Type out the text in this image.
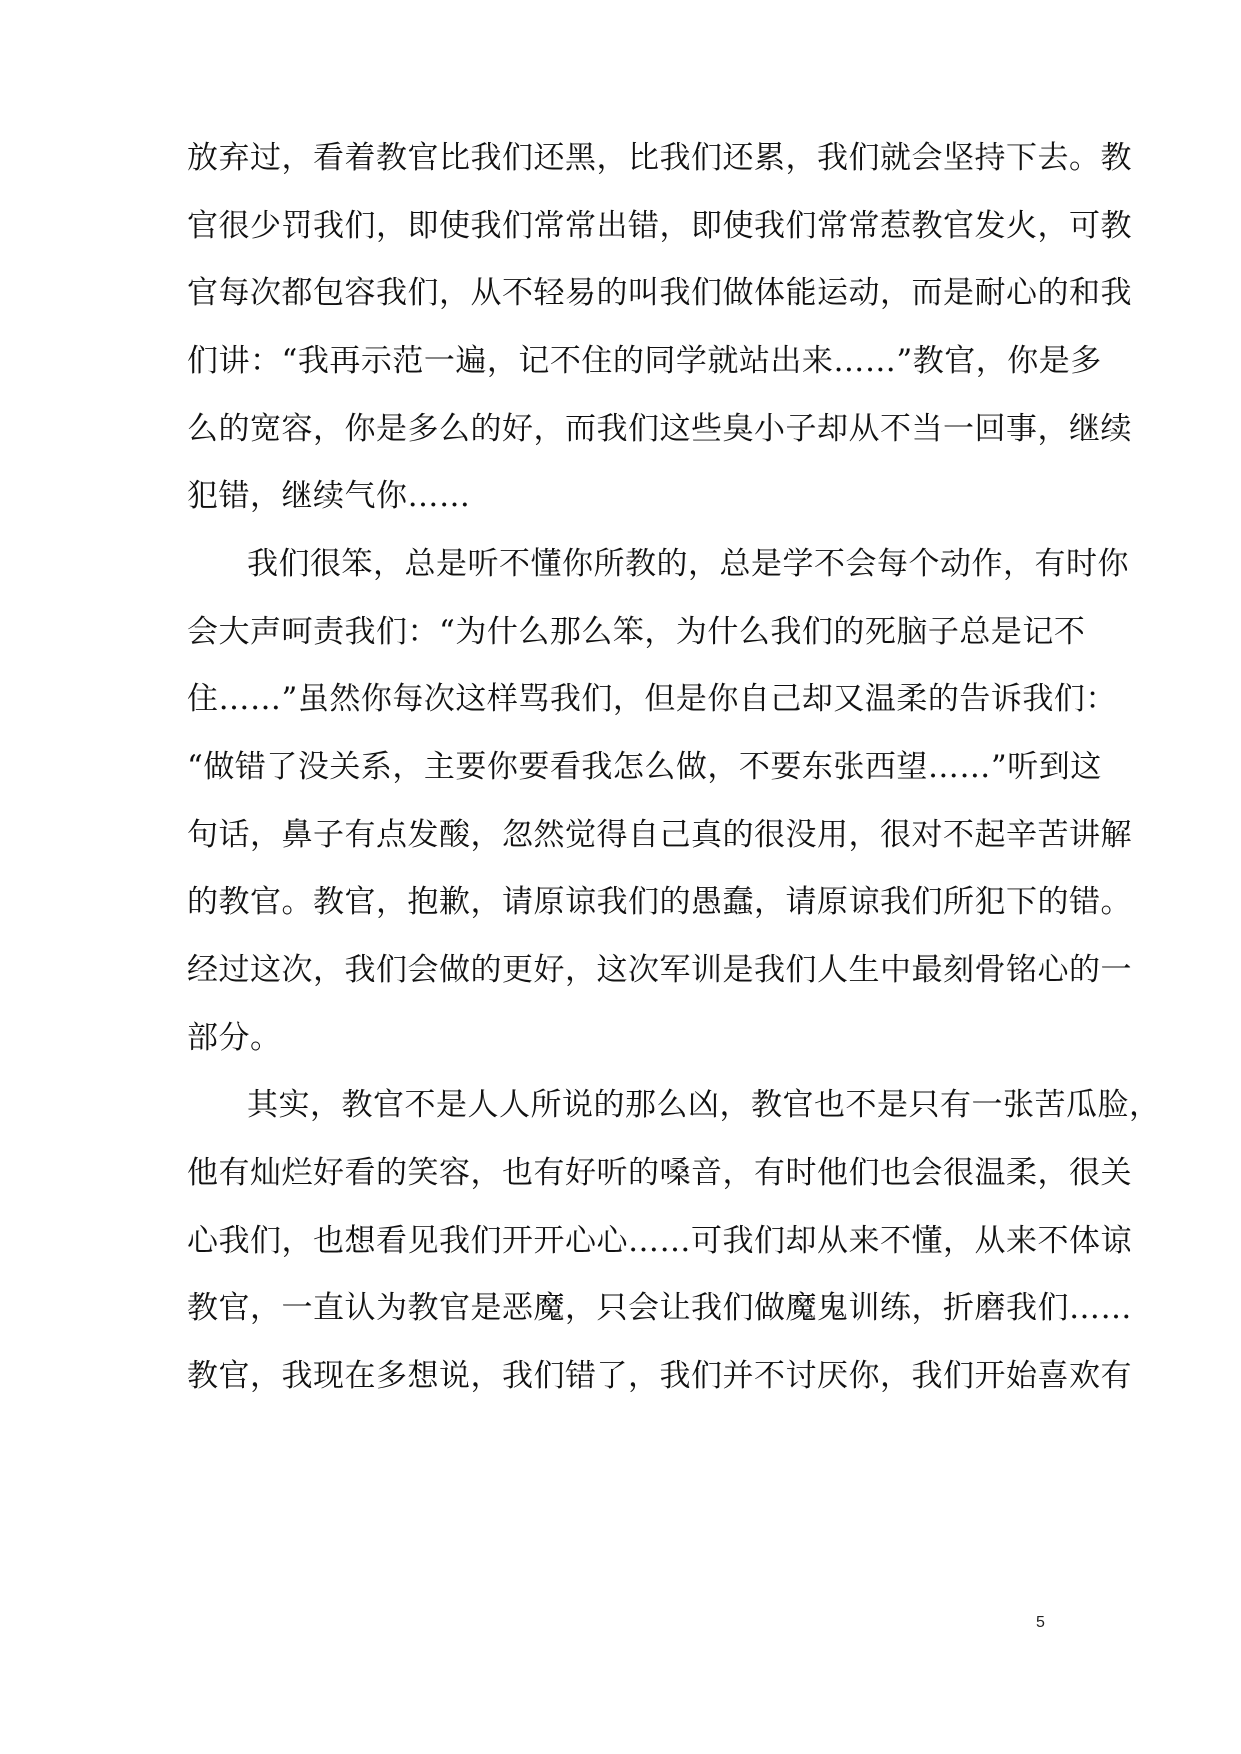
放弃过，看着教官比我们还黑，比我们还累，我们就会坚持下去。教
官很少罚我们，即使我们常常出错，即使我们常常惹教官发火，可教
官每次都包容我们，从不轻易的叫我们做体能运动，而是耐心的和我
们讲：“我再示范一遍，记不住的同学就站出来……”教官，你是多
么的宽容，你是多么的好，而我们这些臭小子却从不当一回事，继续
犯错，继续气你……
我们很笨，总是听不懂你所教的，总是学不会每个动作，有时你
会大声呵责我们：“为什么那么笨，为什么我们的死脑子总是记不
住……”虽然你每次这样骂我们，但是你自己却又温柔的告诉我们：
“做错了没关系，主要你要看我怎么做，不要东张西望……”听到这
句话，鼻子有点发酸，忽然觉得自己真的很没用，很对不起辛苦讲解
的教官。教官，抱歉，请原谅我们的愚蠢，请原谅我们所犯下的错。
经过这次，我们会做的更好，这次军训是我们人生中最刻骨铭心的一
部分。
其实，教官不是人人所说的那么凶，教官也不是只有一张苦瓜脸，
他有灿烂好看的笑容，也有好听的嗓音，有时他们也会很温柔，很关
心我们，也想看见我们开开心心……可我们却从来不懂，从来不体谅
教官，一直认为教官是恶魔，只会让我们做魔鬼训练，折磨我们……
教官，我现在多想说，我们错了，我们并不讨厌你，我们开始喜欢有
5
